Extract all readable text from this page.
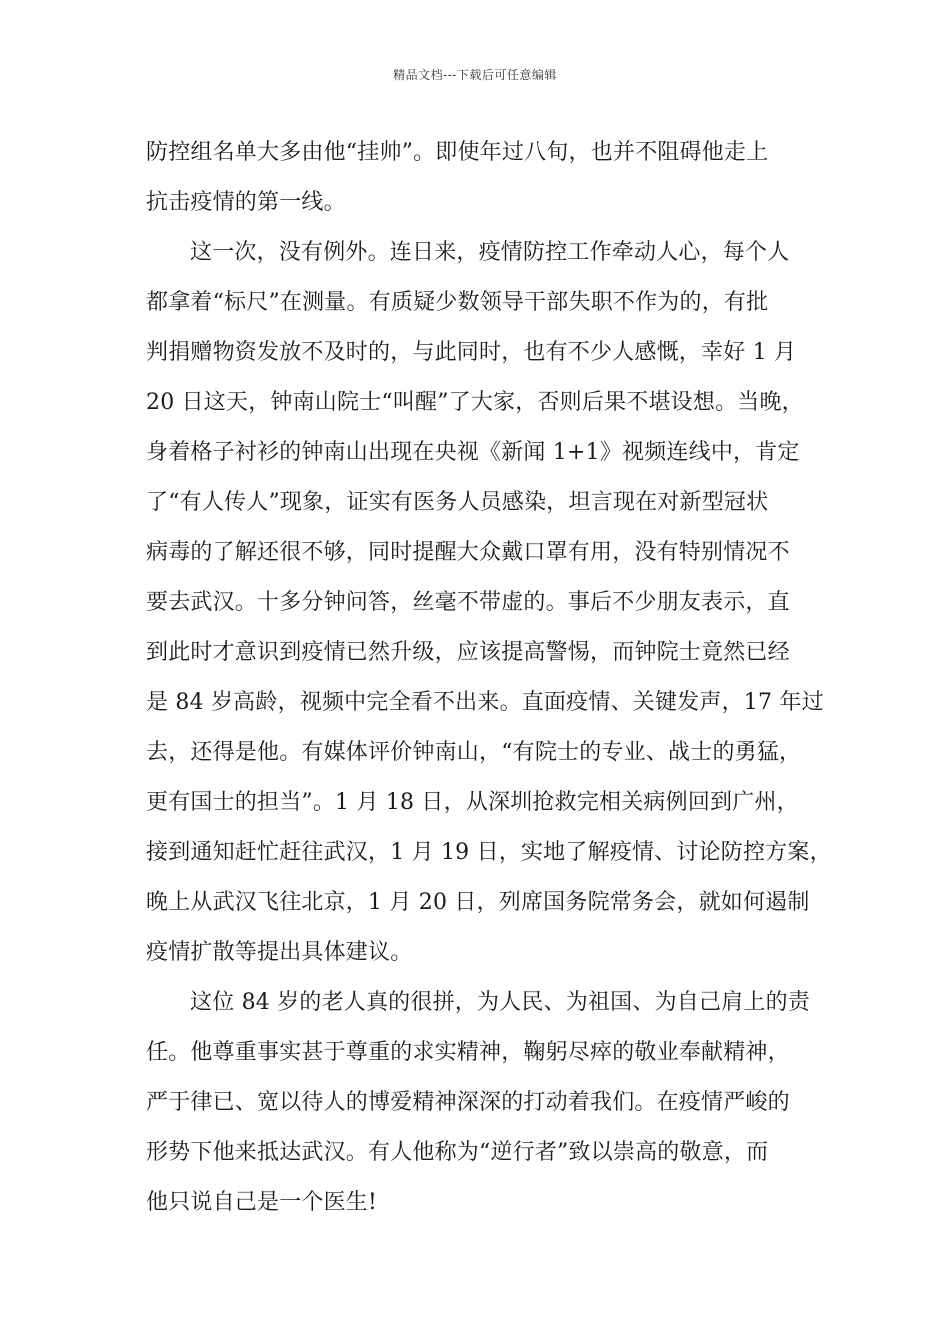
精品文档---下载后可任意编辑
防控组名单大多由他“挂帅”。即使年过八旬，也并不阻碍他走上
抗击疫情的第一线。
这一次，没有例外。连日来，疫情防控工作牵动人心，每个人
都拿着“标尺”在测量。有质疑少数领导干部失职不作为的，有批
判捐赠物资发放不及时的，与此同时，也有不少人感慨，幸好 1 月
20 日这天，钟南山院士“叫醒”了大家，否则后果不堪设想。当晚，
身着格子衬衫的钟南山出现在央视《新闻 1+1》视频连线中，肯定
了“有人传人”现象，证实有医务人员感染，坦言现在对新型冠状
病毒的了解还很不够，同时提醒大众戴口罩有用，没有特别情况不
要去武汉。十多分钟问答，丝毫不带虚的。事后不少朋友表示，直
到此时才意识到疫情已然升级，应该提高警惕，而钟院士竟然已经
是 84 岁高龄，视频中完全看不出来。直面疫情、关键发声，17 年过
去，还得是他。有媒体评价钟南山，“有院士的专业、战士的勇猛，
更有国士的担当”。1 月 18 日，从深圳抢救完相关病例回到广州，
接到通知赶忙赶往武汉，1 月 19 日，实地了解疫情、讨论防控方案，
晚上从武汉飞往北京，1 月 20 日，列席国务院常务会，就如何遏制
疫情扩散等提出具体建议。
这位 84 岁的老人真的很拼，为人民、为祖国、为自己肩上的责
任。他尊重事实甚于尊重的求实精神，鞠躬尽瘁的敬业奉献精神，
严于律已、宽以待人的博爱精神深深的打动着我们。在疫情严峻的
形势下他来抵达武汉。有人他称为“逆行者”致以崇高的敬意，而
他只说自己是一个医生!
